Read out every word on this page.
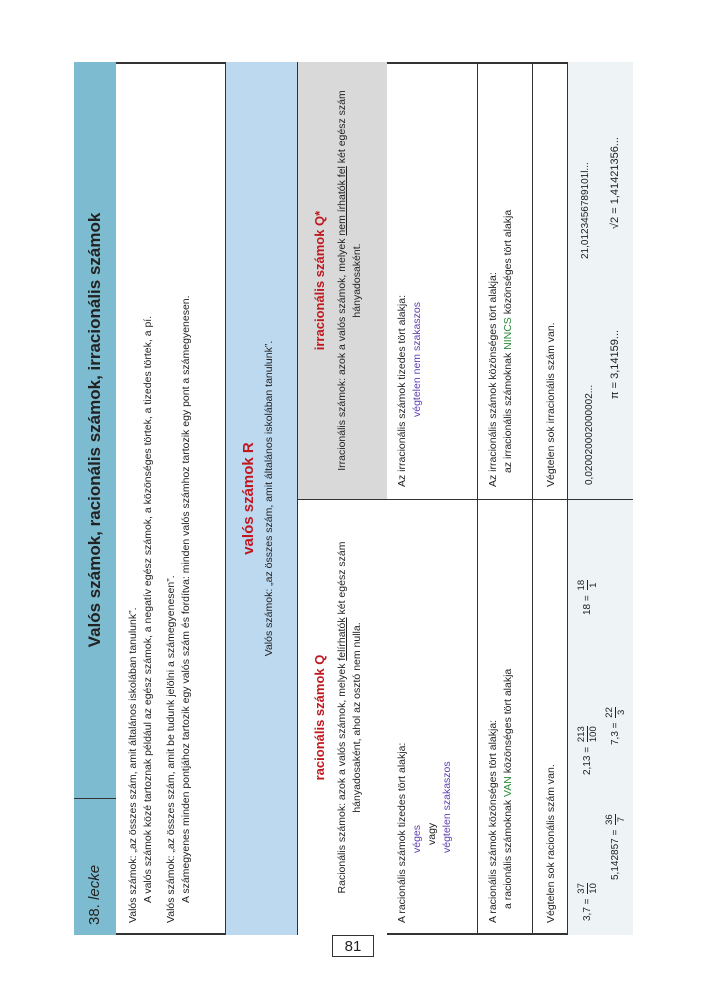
38. lecke
Valós számok, racionális számok, irracionális számok

Valós számok: „az összes szám, amit általános iskolában tanulunk”. A valós számok közé tartoznak például az egész számok, a negatív egész számok, a közönséges törtek, a tizedes törtek, a pí. Valós számok: „az összes szám, amit be tudunk jelölni a számegyenesen”. A számegyenes minden pontjához tartozik egy valós szám és fordítva: minden valós számhoz tartozik egy pont a számegyenesen.	valós számok R Valós számok: „az összes szám, amit általános iskolában tanulunk”.
racionális számok Q Racionális számok: azok a valós számok, melyek felírhatók két egész szám hányadosaként, ahol az osztó nem nulla.
irracionális számok Q* Irracionális számok: azok a valós számok, melyek nem írhatók fel két egész szám hányadosaként.
A racionális számok tizedes tört alakja: véges vagy végtelen szakaszos
Az irracionális számok tizedes tört alakja: végtelen nem szakaszos
A racionális számok közönséges tört alakja: a racionális számoknak VAN közönséges tört alakja
Az irracionális számok közönséges tört alakja: az irracionális számoknak NINCS közönséges tört alakja
Végtelen sok racionális szám van.
Végtelen sok irracionális szám van.
3,7 =
37 10
2,13 =
213 100
18 =
18 1
5,142857 =
36 7
7,3 =
22 3
0,020020002000002...
21,0123456789101l...
π = 3,14159...
√2 = 1,41421356...
81
